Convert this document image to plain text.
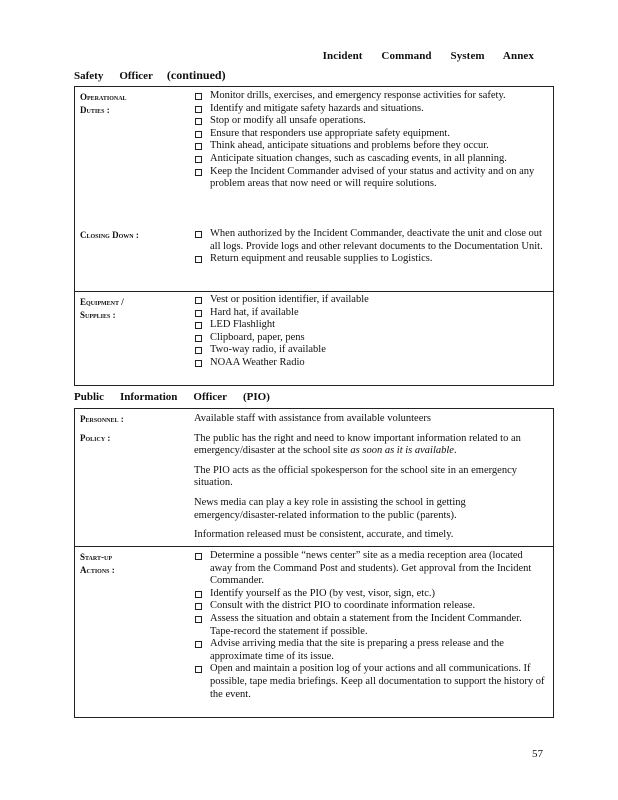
Incident Command System Annex
Safety Officer (continued)
Operational
Duties :
Monitor drills, exercises, and emergency response activities for safety.
Identify and mitigate safety hazards and situations.
Stop or modify all unsafe operations.
Ensure that responders use appropriate safety equipment.
Think ahead, anticipate situations and problems before they occur.
Anticipate situation changes, such as cascading events, in all planning.
Keep the Incident Commander advised of your status and activity and on any problem areas that now need or will require solutions.
Closing Down :	When authorized by the Incident Commander, deactivate the unit and close out all logs. Provide logs and other relevant documents to the Documentation Unit.
Return equipment and reusable supplies to Logistics.
Equipment /
Supplies :
Vest or position identifier, if available
Hard hat, if available
LED Flashlight
Clipboard, paper, pens
Two-way radio, if available
NOAA Weather Radio
Public Information Officer (PIO)
Personnel :
Policy :

Available staff with assistance from available volunteers

The public has the right and need to know important information related to an emergency/disaster at the school site as soon as it is available.

The PIO acts as the official spokesperson for the school site in an emergency situation.

News media can play a key role in assisting the school in getting emergency/disaster-related information to the public (parents).

Information released must be consistent, accurate, and timely.

Start-up
Actions :
Determine a possible “news center” site as a media reception area (located away from the Command Post and students). Get approval from the Incident Commander.
Identify yourself as the PIO (by vest, visor, sign, etc.)
Consult with the district PIO to coordinate information release.
Assess the situation and obtain a statement from the Incident Commander. Tape-record the statement if possible.
Advise arriving media that the site is preparing a press release and the approximate time of its issue.
Open and maintain a position log of your actions and all communications. If possible, tape media briefings. Keep all documentation to support the history of the event.
57
